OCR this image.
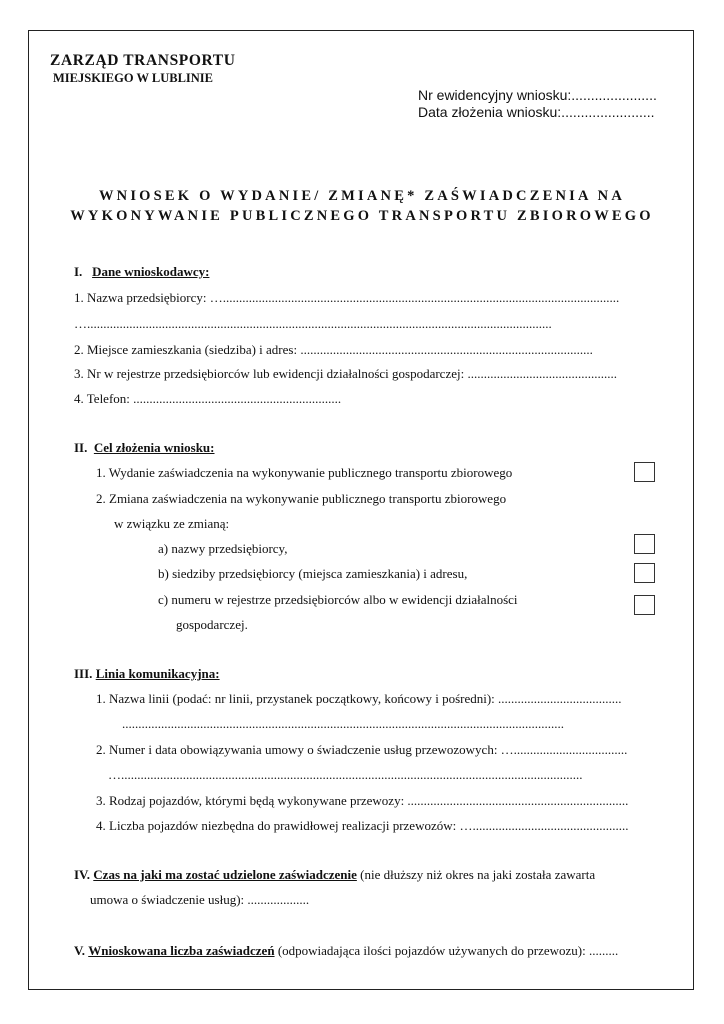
ZARZĄD TRANSPORTU
MIEJSKIEGO W LUBLINIE
Nr ewidencyjny wniosku:......................
Data złożenia wniosku:........................
WNIOSEK O WYDANIE/ ZMIANĘ* ZAŚWIADCZENIA NA
WYKONYWANIE PUBLICZNEGO TRANSPORTU ZBIOROWEGO
I. Dane wnioskodawcy:
1. Nazwa przedsiębiorcy: …..........................................................................................................................
…...............................................................................................................................................
2. Miejsce zamieszkania (siedziba) i adres: ..........................................................................................
3. Nr w rejestrze przedsiębiorców lub ewidencji działalności gospodarczej: ..............................................
4. Telefon: ................................................................
II. Cel złożenia wniosku:
1. Wydanie zaświadczenia na wykonywanie publicznego transportu zbiorowego
2. Zmiana zaświadczenia na wykonywanie publicznego transportu zbiorowego
w związku ze zmianą:
a) nazwy przedsiębiorcy,
b) siedziby przedsiębiorcy (miejsca zamieszkania) i adresu,
c) numeru w rejestrze przedsiębiorców albo w ewidencji działalności
gospodarczej.
III. Linia komunikacyjna:
1. Nazwa linii (podać: nr linii, przystanek początkowy, końcowy i pośredni): ......................................
........................................................................................................................................
2. Numer i data obowiązywania umowy o świadczenie usług przewozowych: …...................................
…..............................................................................................................................................
3. Rodzaj pojazdów, którymi będą wykonywane przewozy: ....................................................................
4. Liczba pojazdów niezbędna do prawidłowej realizacji przewozów: …................................................
IV. Czas na jaki ma zostać udzielone zaświadczenie (nie dłuższy niż okres na jaki została zawarta
umowa o świadczenie usług): ...................
V. Wnioskowana liczba zaświadczeń (odpowiadająca ilości pojazdów używanych do przewozu): .........
